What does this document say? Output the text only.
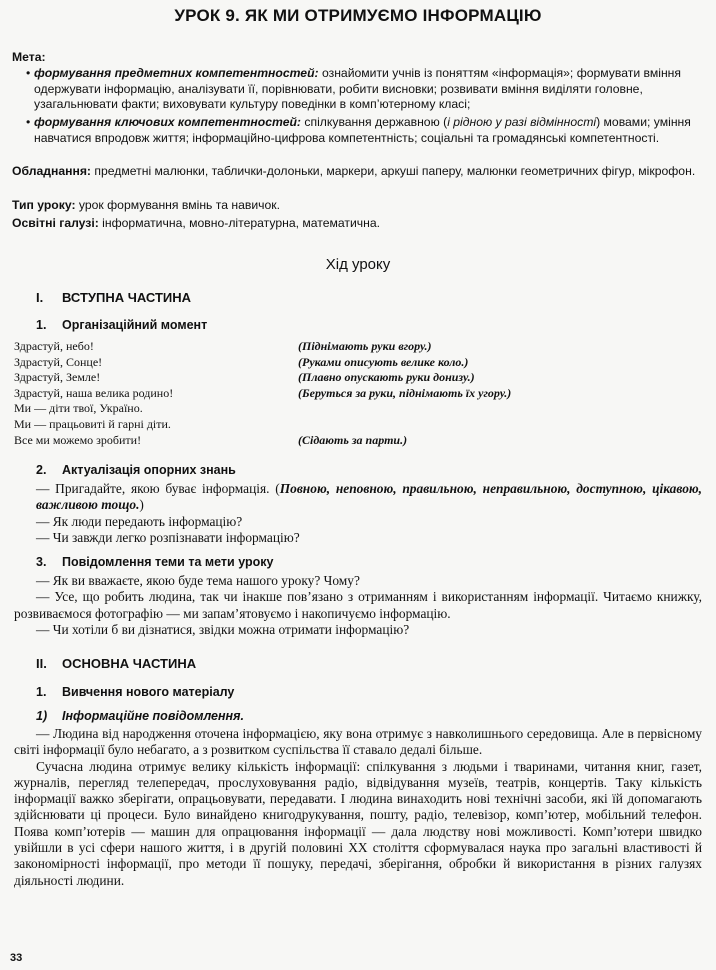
УРОК 9. ЯК МИ ОТРИМУЄМО ІНФОРМАЦІЮ
Мета:
• формування предметних компетентностей: ознайомити учнів із поняттям «інформація»; формувати вміння одержувати інформацію, аналізувати її, порівнювати, робити висновки; розвивати вміння виділяти головне, узагальнювати факти; виховувати культуру поведінки в комп’ютерному класі;
• формування ключових компетентностей: спілкування державною (і рідною у разі відмінності) мовами; уміння навчатися впродовж життя; інформаційно-цифрова компетентність; соціальні та громадянські компетентності.
Обладнання: предметні малюнки, таблички-долоньки, маркери, аркуші паперу, малюнки геометричних фігур, мікрофон.
Тип уроку: урок формування вмінь та навичок.
Освітні галузі: інформатична, мовно-літературна, математична.
Хід уроку
I. ВСТУПНА ЧАСТИНА
1. Організаційний момент
Здрастуй, небо!
Здрастуй, Сонце!
Здрастуй, Земле!
Здрастуй, наша велика родино!
Ми — діти твої, Україно.
Ми — працьовиті й гарні діти.
Все ми можемо зробити!
(Піднімають руки вгору.)
(Руками описують велике коло.)
(Плавно опускають руки донизу.)
(Беруться за руки, піднімають їх угору.)

(Сідають за парти.)
2. Актуалізація опорних знань
— Пригадайте, якою буває інформація. (Повною, неповною, правильною, неправильною, доступною, цікавою, важливою тощо.)
— Як люди передають інформацію?
— Чи завжди легко розпізнавати інформацію?
3. Повідомлення теми та мети уроку
— Як ви вважаєте, якою буде тема нашого уроку? Чому?
— Усе, що робить людина, так чи інакше пов’язано з отриманням і використанням інформації. Читаємо книжку, розвиваємося фотографію — ми запам’ятовуємо і накопичуємо інформацію.
— Чи хотіли б ви дізнатися, звідки можна отримати інформацію?
II. ОСНОВНА ЧАСТИНА
1. Вивчення нового матеріалу
1) Інформаційне повідомлення.
— Людина від народження оточена інформацією, яку вона отримує з навколишнього середовища. Але в первісному світі інформації було небагато, а з розвитком суспільства її ставало дедалі більше.
Сучасна людина отримує велику кількість інформації: спілкування з людьми і тваринами, читання книг, газет, журналів, перегляд телепередач, прослуховування радіо, відвідування музеїв, театрів, концертів. Таку кількість інформації важко зберігати, опрацьовувати, передавати. І людина винаходить нові технічні засоби, які їй допомагають здійснювати ці процеси. Було винайдено книгодрукування, пошту, радіо, телевізор, комп’ютер, мобільний телефон. Поява комп’ютерів — машин для опрацювання інформації — дала людству нові можливості. Комп’ютери швидко увійшли в усі сфери нашого життя, і в другій половині XX століття сформувалася наука про загальні властивості й закономірності інформації, про методи її пошуку, передачі, зберігання, обробки й використання в різних галузях діяльності людини.
33
